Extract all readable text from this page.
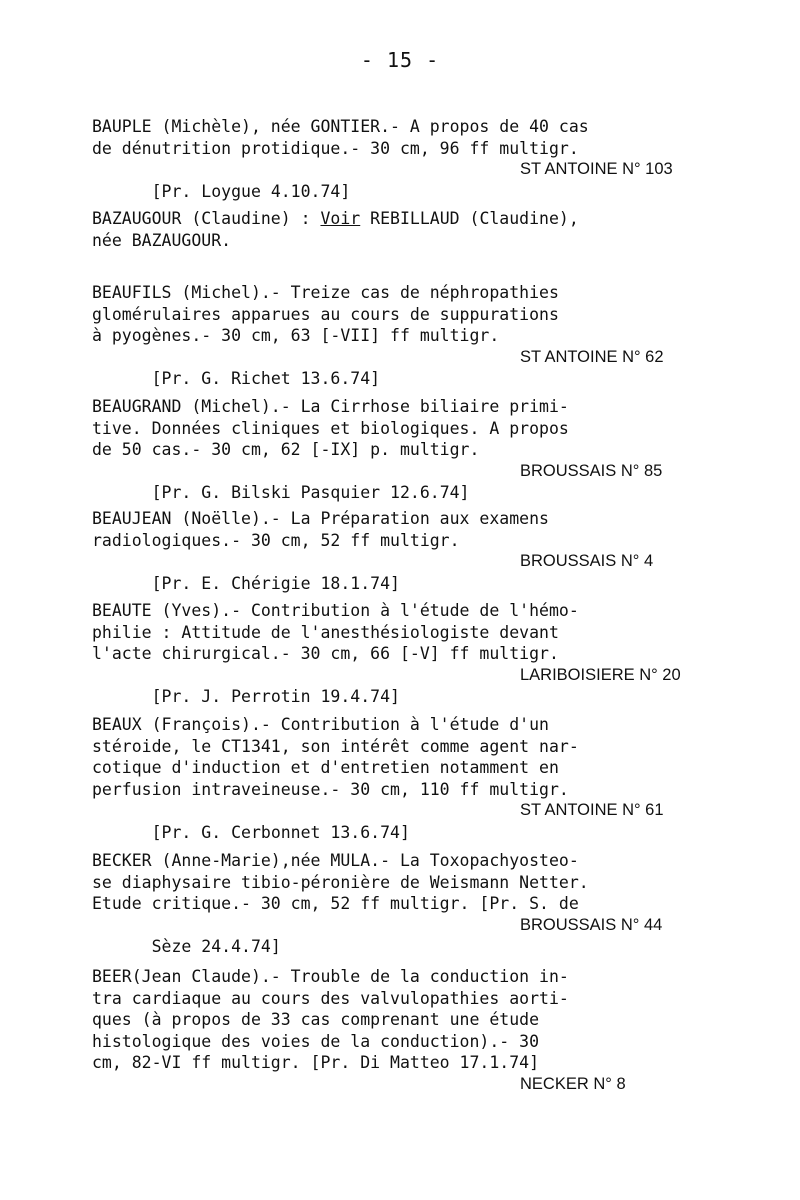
- 15 -
BAUPLE (Michèle), née GONTIER.- A propos de 40 cas
de dénutrition protidique.- 30 cm, 96 ff multigr.

[Pr. Loygue 4.10.74]

ST ANTOINE N° 103

BAZAUGOUR (Claudine) : Voir REBILLAUD (Claudine),
née BAZAUGOUR.
BEAUFILS (Michel).- Treize cas de néphropathies
glomérulaires apparues au cours de suppurations
à pyogènes.- 30 cm, 63 [-VII] ff multigr.

[Pr. G. Richet 13.6.74]

ST ANTOINE N° 62

BEAUGRAND (Michel).- La Cirrhose biliaire primi-
tive. Données cliniques et biologiques. A propos
de 50 cas.- 30 cm, 62 [-IX] p. multigr.

[Pr. G. Bilski Pasquier 12.6.74]

BROUSSAIS N° 85

BEAUJEAN (Noëlle).- La Préparation aux examens
radiologiques.- 30 cm, 52 ff multigr.

[Pr. E. Chérigie 18.1.74]

BROUSSAIS N° 4

BEAUTE (Yves).- Contribution à l'étude de l'hémo-
philie : Attitude de l'anesthésiologiste devant
l'acte chirurgical.- 30 cm, 66 [-V] ff multigr.

[Pr. J. Perrotin 19.4.74]

LARIBOISIERE N° 20

BEAUX (François).- Contribution à l'étude d'un
stéroide, le CT1341, son intérêt comme agent nar-
cotique d'induction et d'entretien notamment en
perfusion intraveineuse.- 30 cm, 110 ff multigr.

[Pr. G. Cerbonnet 13.6.74]

ST ANTOINE N° 61

BECKER (Anne-Marie),née MULA.- La Toxopachyosteo-
se diaphysaire tibio-péronière de Weismann Netter.
Etude critique.- 30 cm, 52 ff multigr. [Pr. S. de

Sèze 24.4.74]

BROUSSAIS N° 44

BEER(Jean Claude).- Trouble de la conduction in-
tra cardiaque au cours des valvulopathies aorti-
ques (à propos de 33 cas comprenant une étude
histologique des voies de la conduction).- 30
cm, 82-VI ff multigr. [Pr. Di Matteo 17.1.74]

NECKER N° 8
